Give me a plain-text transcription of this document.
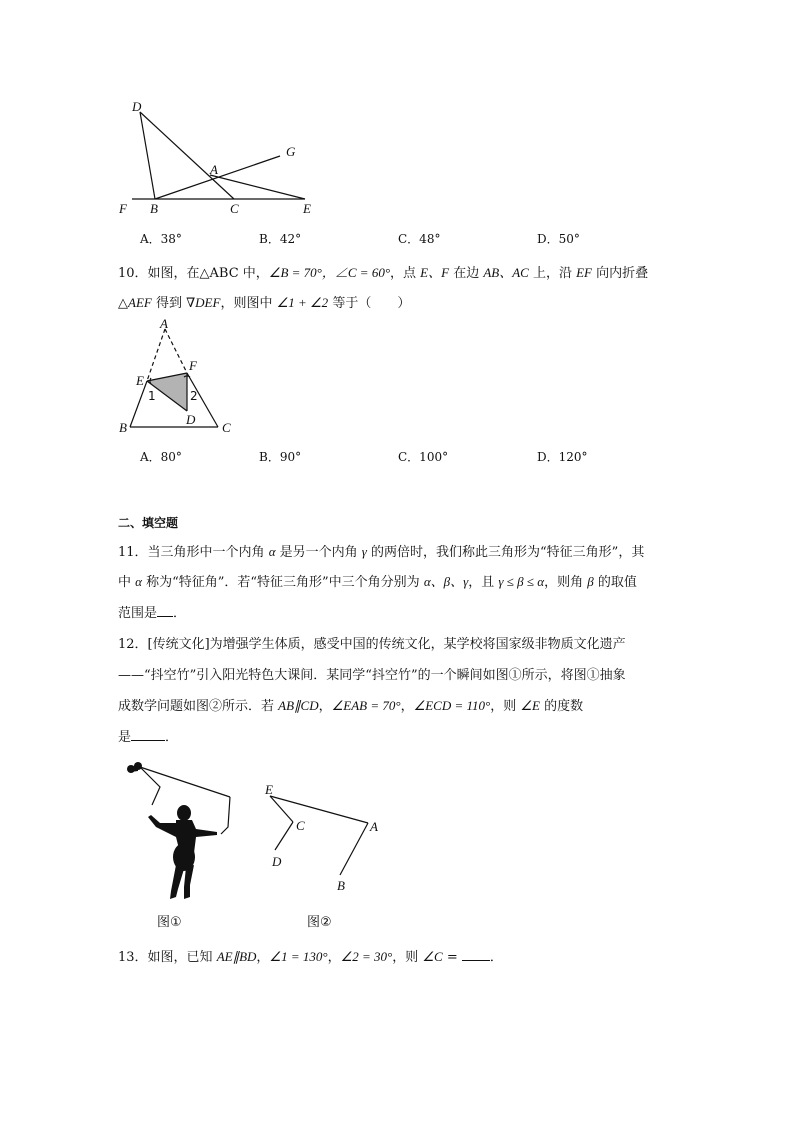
D
G
A
F B	C	E
A．38°	B．42°	C．48°	D．50°
10．如图，在△ABC 中，∠B = 70°，∠C = 60°，点 E、F 在边 AB、AC 上，沿 EF 向内折叠
△AEF 得到 ∇DEF，则图中 ∠1 + ∠2 等于（　　）
A
E
F
1	2
D
B	C
A．80°	B．90°	C．100°	D．120°
二、填空题
11．当三角形中一个内角 α 是另一个内角 γ 的两倍时，我们称此三角形为“特征三角形”，其
中 α 称为“特征角”．若“特征三角形”中三个角分别为 α、β、γ，且 γ ≤ β ≤ α，则角 β 的取值
范围是 ．
12．[传统文化]为增强学生体质，感受中国的传统文化，某学校将国家级非物质文化遗产
——“抖空竹”引入阳光特色大课间．某同学“抖空竹”的一个瞬间如图①所示，将图①抽象
成数学问题如图②所示．若 AB∥CD，∠EAB = 70°，∠ECD = 110°，则 ∠E 的度数
是	．
图①
E
C	A
D
B
图②
13．如图，已知 AE∥BD，∠1 = 130°，∠2 = 30°，则 ∠C = ．
